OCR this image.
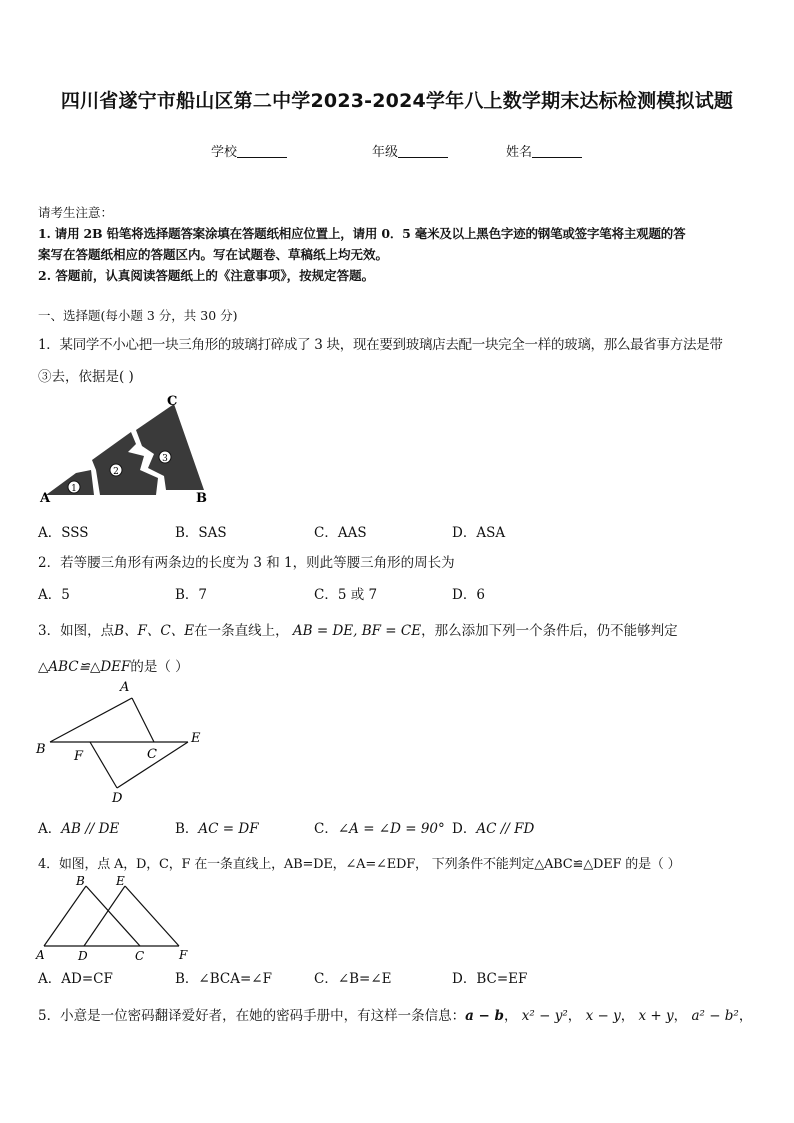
四川省遂宁市船山区第二中学2023-2024学年八上数学期末达标检测模拟试题
学校	年级	姓名
请考生注意：
1. 请用 2B 铅笔将选择题答案涂填在答题纸相应位置上，请用 0．5 毫米及以上黑色字迹的钢笔或签字笔将主观题的答
案写在答题纸相应的答题区内。写在试题卷、草稿纸上均无效。
2. 答题前，认真阅读答题纸上的《注意事项》，按规定答题。
一、选择题(每小题 3 分，共 30 分)
1．某同学不小心把一块三角形的玻璃打碎成了 3 块，现在要到玻璃店去配一块完全一样的玻璃，那么最省事方法是带
③去，依据是( )
1
2
3
A	B
C
A．SSS	B．SAS	C．AAS	D．ASA
2．若等腰三角形有两条边的长度为 3 和 1，则此等腰三角形的周长为
A．5	B．7	C．5 或 7	D．6
3．如图，点B、F、C、E在一条直线上， AB = DE, BF = CE，那么添加下列一个条件后，仍不能够判定
△ABC≌△DEF的是（ ）
A
B F	C
E
D
A．AB // DE	B．AC = DF	C．∠A = ∠D = 90° D．AC // FD
4．如图，点 A，D，C，F 在一条直线上，AB=DE，∠A=∠EDF， 下列条件不能判定△ABC≌△DEF 的是（ ）
A
B	E
D	C	F
A．AD=CF	B．∠BCA=∠F	C．∠B=∠E	D．BC=EF
5．小意是一位密码翻译爱好者，在她的密码手册中，有这样一条信息：a − b， x² − y²， x − y， x + y， a² − b²，
